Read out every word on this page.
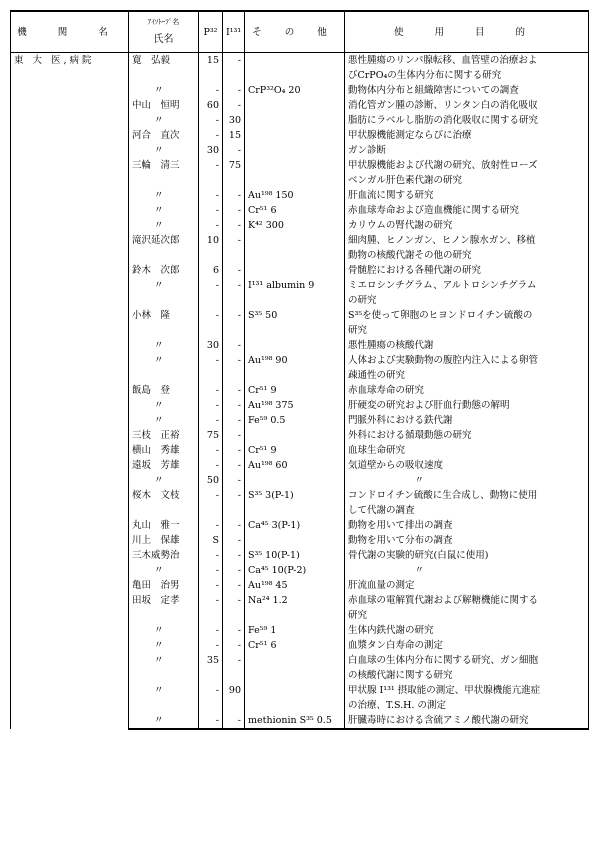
機 関 名	ｱｲｿﾄｰﾌﾟ名
氏名	P³²	I¹³¹	そ の 他	使 用 目 的
東 大 医,病院	寛　弘毅	15	-		悪性腫瘍のリンパ腺転移、血管壁の治療およ
びCrPO₄の生体内分布に関する研究

	〃	-	-	CrP³²O₄ 20	動物体内分布と組織障害についての調査

	中山　恒明	60	-		消化管ガン腫の診断、リンタン白の消化吸収

	〃	-	30		脂肪にラベルし脂肪の消化吸収に関する研究

	河合　直次	-	15		甲状腺機能測定ならびに治療

	〃	30	-		ガン診断

	三輪　清三	-	75		甲状腺機能および代謝の研究、放射性ローズ
ベンガル肝色素代謝の研究

	〃	-	-	Au¹⁹⁸ 150	肝血流に関する研究

	〃	-	-	Cr⁵¹ 6	赤血球寿命および造血機能に関する研究

	〃	-	-	K⁴² 300	カリウムの腎代謝の研究

	滝沢延次郎	10	-		細肉腫、ヒノンガン、ヒノン腺水ガン、移植
動物の核酸代謝その他の研究

	鈴木　次郎	6	-		骨髄腔における各種代謝の研究

	〃	-	-	I¹³¹ albumin 9	ミエロシンチグラム、アルトロシンチグラム
の研究

	小林　隆	-	-	S³⁵ 50	S³⁵を使って卵胞のヒヨンドロイチン硫酸の
研究

	〃	30	-		悪性腫瘍の核酸代謝

	〃	-	-	Au¹⁹⁸ 90	人体および実験動物の腹腔内注入による卵管
疎通性の研究

	飯島　登	-	-	Cr⁵¹ 9	赤血球寿命の研究

	〃	-	-	Au¹⁹⁸ 375	肝硬変の研究および肝血行動態の解明

	〃	-	-	Fe⁵⁹ 0.5	門脈外科における鉄代謝

	三枝　正裕	75	-		外科における循環動態の研究

	横山　秀雄	-	-	Cr⁵¹ 9	血球生命研究

	遠坂　芳雄	-	-	Au¹⁹⁸ 60	気道壁からの吸収速度

	〃	50	-		　　　　　　　〃

	桜木　文枝	-	-	S³⁵ 3(P-1)	コンドロイチン硫酸に生合成し、動物に使用
して代謝の調査

	丸山　雅一	-	-	Ca⁴⁵ 3(P-1)	動物を用いて排出の調査

	川上　保雄	S	-		動物を用いて分布の調査

	三木威勢治	-	-	S³⁵ 10(P-1)	骨代謝の実験的研究(白鼠に使用)

	〃	-	-	Ca⁴⁵ 10(P-2)	　　　　　　　〃

	亀田　治男	-	-	Au¹⁹⁸ 45	肝流血量の測定

	田坂　定孝	-	-	Na²⁴ 1.2	赤血球の電解質代謝および解糖機能に関する
研究

	〃	-	-	Fe⁵⁹ 1	生体内鉄代謝の研究

	〃	-	-	Cr⁵¹ 6	血漿タン白寿命の測定

	〃	35	-		白血球の生体内分布に関する研究、ガン細胞
の核酸代謝に関する研究

	〃	-	90		甲状腺 I¹³¹ 摂取能の測定、甲状腺機能亢進症
の治療、T.S.H. の測定

	〃	-	-	methionin S³⁵ 0.5	肝臓毒時における含硫アミノ酸代謝の研究
